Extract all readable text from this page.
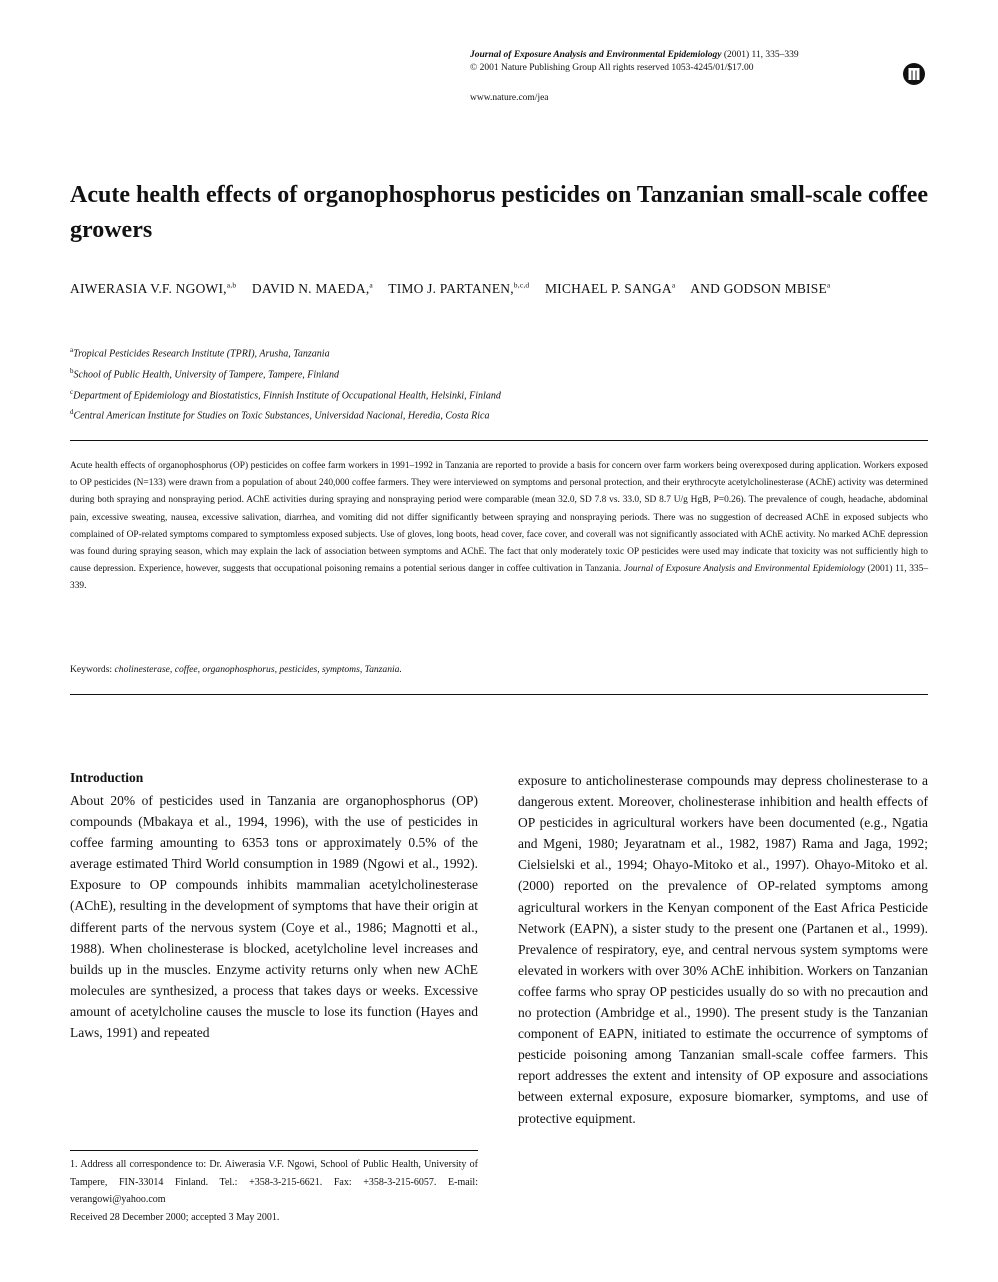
Journal of Exposure Analysis and Environmental Epidemiology (2001) 11, 335–339
© 2001 Nature Publishing Group All rights reserved 1053-4245/01/$17.00
www.nature.com/jea
Acute health effects of organophosphorus pesticides on Tanzanian small-scale coffee growers
AIWERASIA V.F. NGOWI,$^{a,b}$ DAVID N. MAEDA,$^a$ TIMO J. PARTANEN,$^{b,c,d}$ MICHAEL P. SANGA$^a$ AND GODSON MBISE$^a$
$^a$Tropical Pesticides Research Institute (TPRI), Arusha, Tanzania
$^b$School of Public Health, University of Tampere, Tampere, Finland
$^c$Department of Epidemiology and Biostatistics, Finnish Institute of Occupational Health, Helsinki, Finland
$^d$Central American Institute for Studies on Toxic Substances, Universidad Nacional, Heredia, Costa Rica
Acute health effects of organophosphorus (OP) pesticides on coffee farm workers in 1991–1992 in Tanzania are reported to provide a basis for concern over farm workers being overexposed during application. Workers exposed to OP pesticides (N=133) were drawn from a population of about 240,000 coffee farmers. They were interviewed on symptoms and personal protection, and their erythrocyte acetylcholinesterase (AChE) activity was determined during both spraying and nonspraying period. AChE activities during spraying and nonspraying period were comparable (mean 32.0, SD 7.8 vs. 33.0, SD 8.7 U/g HgB, P=0.26). The prevalence of cough, headache, abdominal pain, excessive sweating, nausea, excessive salivation, diarrhea, and vomiting did not differ significantly between spraying and nonspraying periods. There was no suggestion of decreased AChE in exposed subjects who complained of OP-related symptoms compared to symptomless exposed subjects. Use of gloves, long boots, head cover, face cover, and coverall was not significantly associated with AChE activity. No marked AChE depression was found during spraying season, which may explain the lack of association between symptoms and AChE. The fact that only moderately toxic OP pesticides were used may indicate that toxicity was not sufficiently high to cause depression. Experience, however, suggests that occupational poisoning remains a potential serious danger in coffee cultivation in Tanzania. Journal of Exposure Analysis and Environmental Epidemiology (2001) 11, 335–339.
Keywords: cholinesterase, coffee, organophosphorus, pesticides, symptoms, Tanzania.
Introduction
About 20% of pesticides used in Tanzania are organophosphorus (OP) compounds (Mbakaya et al., 1994, 1996), with the use of pesticides in coffee farming amounting to 6353 tons or approximately 0.5% of the average estimated Third World consumption in 1989 (Ngowi et al., 1992). Exposure to OP compounds inhibits mammalian acetylcholinesterase (AChE), resulting in the development of symptoms that have their origin at different parts of the nervous system (Coye et al., 1986; Magnotti et al., 1988). When cholinesterase is blocked, acetylcholine level increases and builds up in the muscles. Enzyme activity returns only when new AChE molecules are synthesized, a process that takes days or weeks. Excessive amount of acetylcholine causes the muscle to lose its function (Hayes and Laws, 1991) and repeated
exposure to anticholinesterase compounds may depress cholinesterase to a dangerous extent. Moreover, cholinesterase inhibition and health effects of OP pesticides in agricultural workers have been documented (e.g., Ngatia and Mgeni, 1980; Jeyaratnam et al., 1982, 1987) Rama and Jaga, 1992; Cielsielski et al., 1994; Ohayo-Mitoko et al., 1997). Ohayo-Mitoko et al. (2000) reported on the prevalence of OP-related symptoms among agricultural workers in the Kenyan component of the East Africa Pesticide Network (EAPN), a sister study to the present one (Partanen et al., 1999). Prevalence of respiratory, eye, and central nervous system symptoms were elevated in workers with over 30% AChE inhibition. Workers on Tanzanian coffee farms who spray OP pesticides usually do so with no precaution and no protection (Ambridge et al., 1990). The present study is the Tanzanian component of EAPN, initiated to estimate the occurrence of symptoms of pesticide poisoning among Tanzanian small-scale coffee farmers. This report addresses the extent and intensity of OP exposure and associations between external exposure, exposure biomarker, symptoms, and use of protective equipment.
1. Address all correspondence to: Dr. Aiwerasia V.F. Ngowi, School of Public Health, University of Tampere, FIN-33014 Finland. Tel.: +358-3-215-6621. Fax: +358-3-215-6057. E-mail: verangowi@yahoo.com
Received 28 December 2000; accepted 3 May 2001.
